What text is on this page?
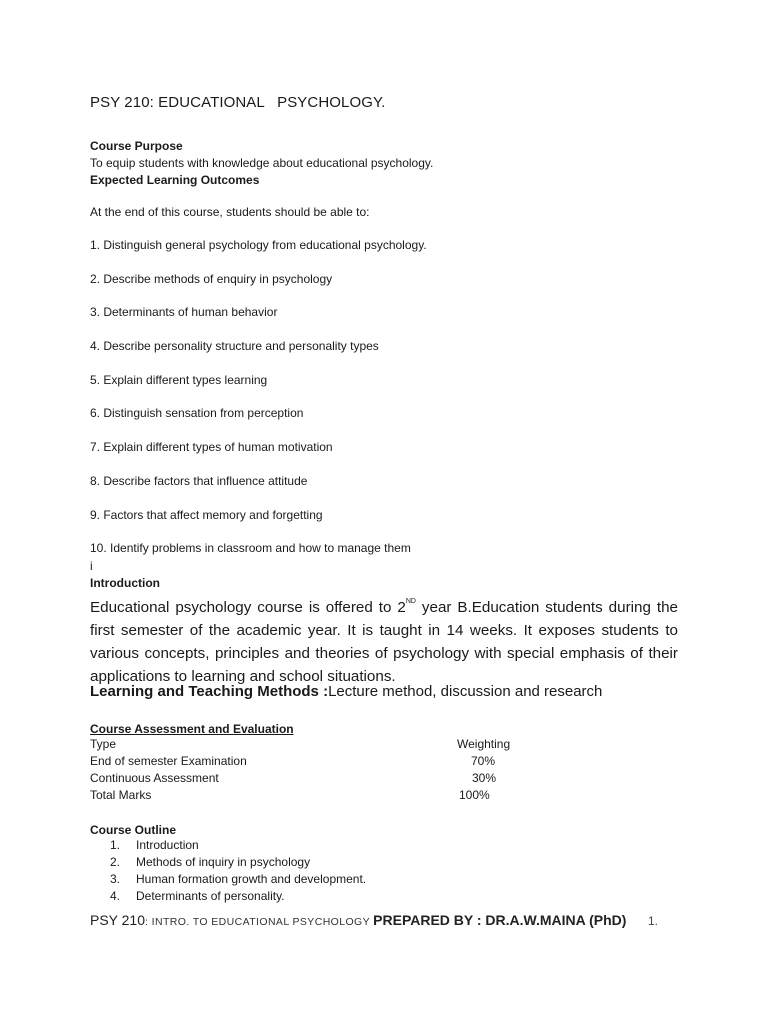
PSY 210: EDUCATIONAL   PSYCHOLOGY.
Course Purpose
To equip students with knowledge about educational psychology.
Expected Learning Outcomes
At the end of this course, students should be able to:
1. Distinguish general psychology from educational psychology.
2. Describe methods of enquiry in psychology
3. Determinants of human behavior
4. Describe personality structure and personality types
5. Explain different types learning
6. Distinguish sensation from perception
7. Explain different types of human motivation
8. Describe factors that influence attitude
9. Factors that affect memory and forgetting
10. Identify problems in classroom and how to manage them
i
Introduction
Educational psychology course is offered to 2ND year B.Education students during the first semester of the academic year. It is taught in 14 weeks. It exposes students to various concepts, principles and theories of psychology with special emphasis of their applications to learning and school situations.
Learning and Teaching Methods :Lecture method, discussion and research
Course Assessment and Evaluation
Type	Weighting
End of semester Examination	70%
Continuous Assessment	30%
Total Marks	100%
Course Outline
1. Introduction
2. Methods of inquiry in psychology
3. Human formation growth and development.
4. Determinants of personality.
PSY 210: INTRO. TO EDUCATIONAL PSYCHOLOGY PREPARED BY : DR.A.W.MAINA (PhD) 1.
